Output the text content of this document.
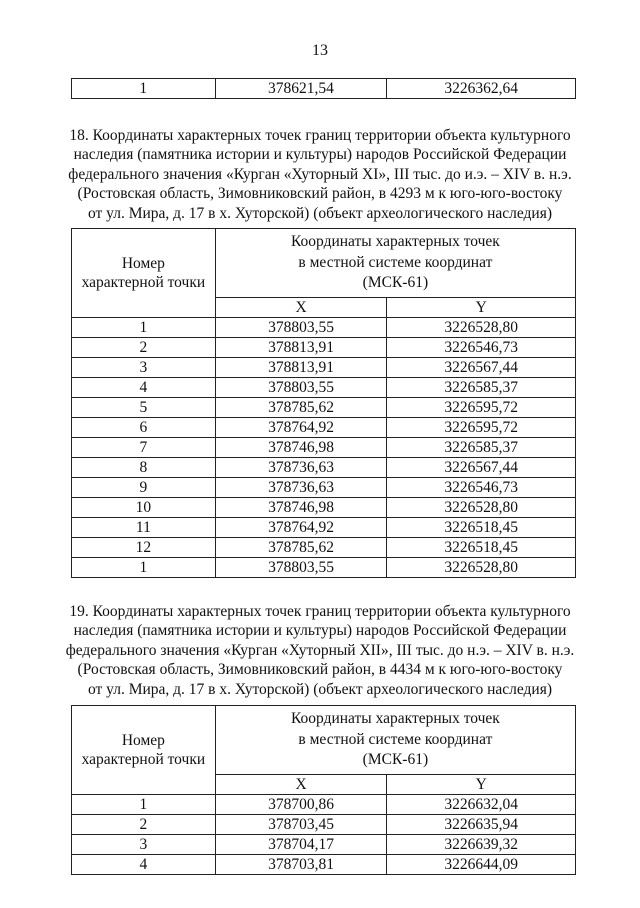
13
1	378621,54	3226362,64
18. Координаты характерных точек границ территории объекта культурного
наследия (памятника истории и культуры) народов Российской Федерации
федерального значения «Курган «Хуторный XI», III тыс. до и.э. – XIV в. н.э.
(Ростовская область, Зимовниковский район, в 4293 м к юго-юго-востоку
от ул. Мира, д. 17 в х. Хуторской) (объект археологического наследия)
Номер
характерной точки

Координаты характерных точек
в местной системе координат
(МСК-61)

	X	Y
1	378803,55	3226528,80
2	378813,91	3226546,73
3	378813,91	3226567,44
4	378803,55	3226585,37
5	378785,62	3226595,72
6	378764,92	3226595,72
7	378746,98	3226585,37
8	378736,63	3226567,44
9	378736,63	3226546,73
10	378746,98	3226528,80
11	378764,92	3226518,45
12	378785,62	3226518,45
1	378803,55	3226528,80
19. Координаты характерных точек границ территории объекта культурного
наследия (памятника истории и культуры) народов Российской Федерации
федерального значения «Курган «Хуторный XII», III тыс. до н.э. – XIV в. н.э.
(Ростовская область, Зимовниковский район, в 4434 м к юго-юго-востоку
от ул. Мира, д. 17 в х. Хуторской) (объект археологического наследия)
Номер
характерной точки

Координаты характерных точек
в местной системе координат
(МСК-61)

	X	Y
1	378700,86	3226632,04
2	378703,45	3226635,94
3	378704,17	3226639,32
4	378703,81	3226644,09
